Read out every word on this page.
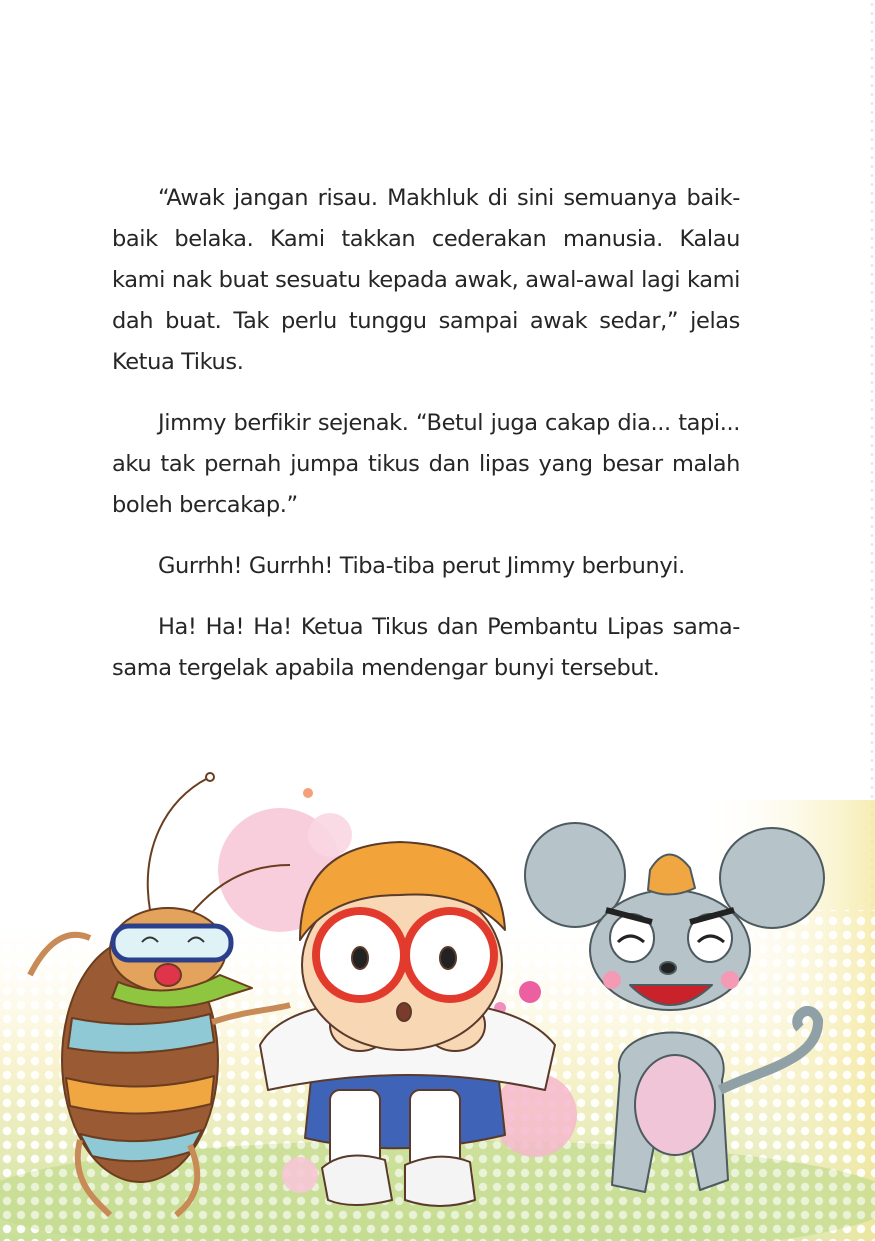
“Awak jangan risau. Makhluk di sini semuanya baik-baik belaka. Kami takkan cederakan manusia. Kalau kami nak buat sesuatu kepada awak, awal-awal lagi kami dah buat. Tak perlu tunggu sampai awak sedar,” jelas Ketua Tikus.

Jimmy berfikir sejenak. “Betul juga cakap dia... tapi... aku tak pernah jumpa tikus dan lipas yang besar malah boleh bercakap.”

Gurrhh! Gurrhh! Tiba-tiba perut Jimmy berbunyi.

Ha! Ha! Ha! Ketua Tikus dan Pembantu Lipas sama-sama tergelak apabila mendengar bunyi tersebut.
